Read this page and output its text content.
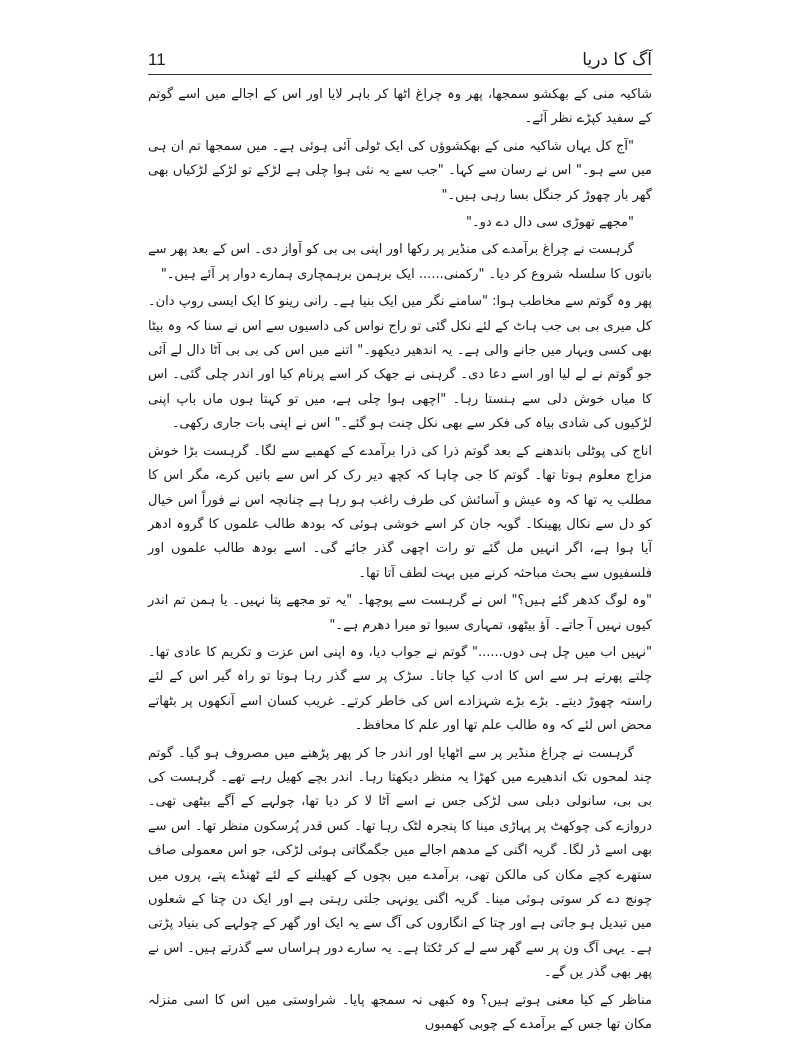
11	آگ کا دریا

شاکیہ منی کے بھکشو سمجھا، پھر وہ چراغ اٹھا کر باہر لایا اور اس کے اجالے میں اسے گوتم کے سفید کپڑے نظر آئے۔

"آج کل یہاں شاکیہ منی کے بھکشوؤں کی ایک ٹولی آئی ہوئی ہے۔ میں سمجھا تم ان ہی میں سے ہو۔" اس نے رسان سے کہا۔ "جب سے یہ نئی ہوا چلی ہے لڑکے تو لڑکے لڑکیاں بھی گھر بار چھوڑ کر جنگل بسا رہی ہیں۔"

"مجھے تھوڑی سی دال دے دو۔"

گرہست نے چراغ برآمدے کی منڈیر پر رکھا اور اپنی بی بی کو آواز دی۔ اس کے بعد پھر سے باتوں کا سلسلہ شروع کر دیا۔ "رکمنی...... ایک برہمن برہمچاری ہمارے دوار پر آئے ہیں۔"

پھر وہ گوتم سے مخاطب ہوا: "سامنے نگر میں ایک بنیا ہے۔ رانی رینو کا ایک ایسی روپ دان۔ کل میری بی بی جب ہاٹ کے لئے نکل گئی تو راج نواس کی داسیوں سے اس نے سنا کہ وہ بیٹا بھی کسی ویہار میں جانے والی ہے۔ یہ اندھیر دیکھو۔" اتنے میں اس کی بی بی آٹا دال لے آئی جو گوتم نے لے لیا اور اسے دعا دی۔ گرہنی نے جھک کر اسے پرنام کیا اور اندر چلی گئی۔ اس کا میاں خوش دلی سے ہنستا رہا۔ "اچھی ہوا چلی ہے، میں تو کہتا ہوں ماں باپ اپنی لڑکیوں کی شادی بیاہ کی فکر سے بھی نکل چنت ہو گئے۔" اس نے اپنی بات جاری رکھی۔

اناج کی پوٹلی باندھنے کے بعد گوتم ذرا کی ذرا برآمدے کے کھمبے سے لگا۔ گرہست بڑا خوش مزاج معلوم ہوتا تھا۔ گوتم کا جی چاہا کہ کچھ دیر رک کر اس سے باتیں کرے، مگر اس کا مطلب یہ تھا کہ وہ عیش و آسائش کی طرف راغب ہو رہا ہے چنانچہ اس نے فوراً اس خیال کو دل سے نکال پھینکا۔ گویہ جان کر اسے خوشی ہوئی کہ بودھ طالب علموں کا گروہ ادھر آیا ہوا ہے، اگر انہیں مل گئے تو رات اچھی گذر جائے گی۔ اسے بودھ طالب علموں اور فلسفیوں سے بحث مباحثہ کرنے میں بہت لطف آتا تھا۔

"وہ لوگ کدھر گئے ہیں؟" اس نے گرہست سے پوچھا۔ "یہ تو مجھے پتا نہیں۔ یا ہمن تم اندر کیوں نہیں آ جاتے۔ آؤ بیٹھو، تمہاری سیوا تو میرا دھرم ہے۔"

"نہیں اب میں چل ہی دوں......" گوتم نے جواب دیا، وہ اپنی اس عزت و تکریم کا عادی تھا۔ چلتے پھرتے ہر سے اس کا ادب کیا جاتا۔ سڑک پر سے گذر رہا ہوتا تو راہ گیر اس کے لئے راستہ چھوڑ دیتے۔ بڑے بڑے شہزادے اس کی خاطر کرتے۔ غریب کسان اسے آنکھوں پر بٹھاتے محض اس لئے کہ وہ طالب علم تھا اور علم کا محافظ۔

گرہست نے چراغ منڈیر پر سے اٹھایا اور اندر جا کر پھر پڑھنے میں مصروف ہو گیا۔ گوتم چند لمحوں تک اندھیرے میں کھڑا یہ منظر دیکھتا رہا۔ اندر بچے کھیل رہے تھے۔ گرہست کی بی بی، سانولی دبلی سی لڑکی جس نے اسے آٹا لا کر دیا تھا، چولہے کے آگے بیٹھی تھی۔ دروازے کی چوکھٹ پر پہاڑی مینا کا پنجرہ لٹک رہا تھا۔ کس قدر پُرسکون منظر تھا۔ اس سے بھی اسے ڈر لگا۔ گریہ اگنی کے مدھم اجالے میں جگمگاتی ہوئی لڑکی، جو اس معمولی صاف ستھرے کچے مکان کی مالکن تھی، برآمدے میں بچوں کے کھیلنے کے لئے ٹھنڈے پتے، پروں میں چونچ دے کر سوتی ہوئی مینا۔ گریہ اگنی یونہی جلتی رہتی ہے اور ایک دن چتا کے شعلوں میں تبدیل ہو جاتی ہے اور چتا کے انگاروں کی آگ سے یہ ایک اور گھر کے چولہے کی بنیاد پڑتی ہے۔ یہی آگ ون پر سے گھر سے لے کر ٹکتا ہے۔ یہ سارے دور ہراساں سے گذرتے ہیں۔ اس نے پھر بھی گذر یں گے۔

مناظر کے کیا معنی ہوتے ہیں؟ وہ کبھی نہ سمجھ پایا۔ شراوستی میں اس کا اسی منزلہ مکان تھا جس کے برآمدے کے چوبی کھمبوں
